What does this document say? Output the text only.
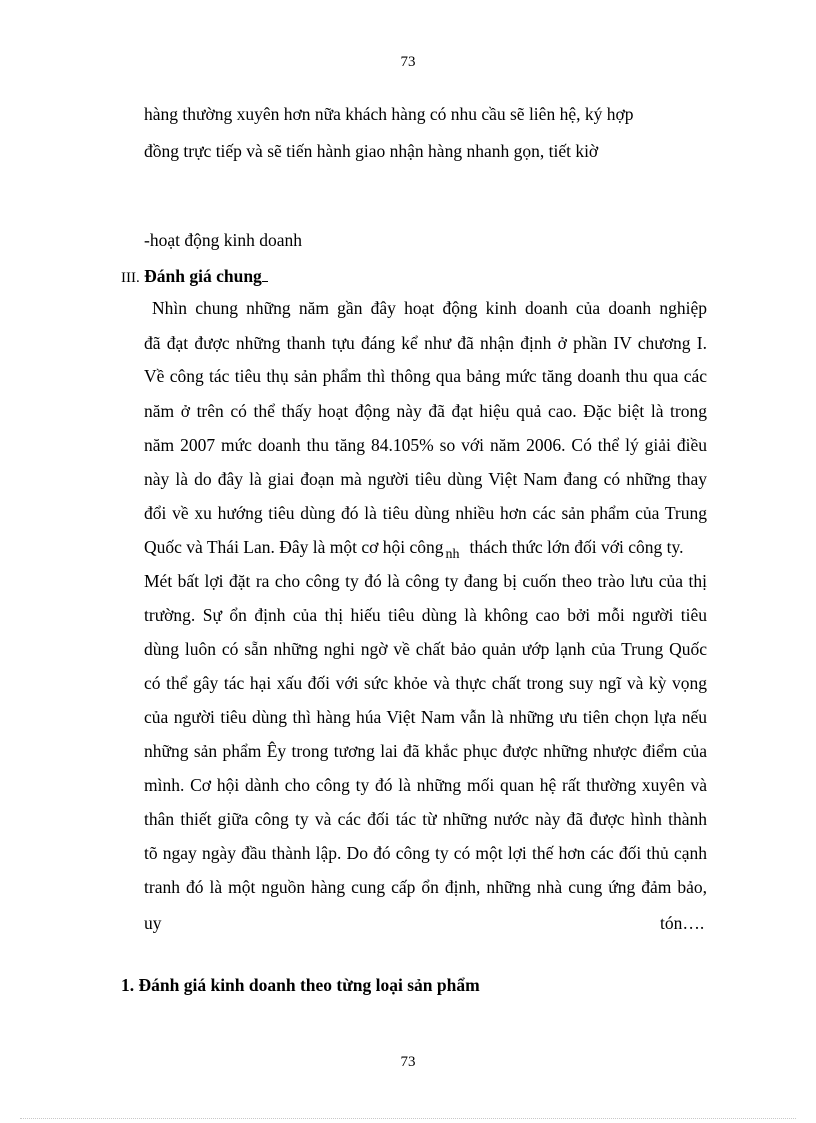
73
hàng thường xuyên hơn nữa khách hàng có nhu cầu sẽ liên hệ, ký hợp
đồng trực tiếp và sẽ tiến hành giao nhận hàng nhanh gọn, tiết kiờ
-hoạt động kinh doanh
III. Đánh giá chung
Nhìn chung những năm gần đây hoạt động kinh doanh của doanh nghiệp
đã đạt được những thanh tựu đáng kể như đã nhận định ở phần IV chương I.
Về công tác tiêu thụ sản phẩm thì thông qua bảng mức tăng doanh thu qua các
năm ở trên có thể thấy hoạt động này đã đạt hiệu quả cao. Đặc biệt là trong
năm 2007 mức doanh thu tăng 84.105% so với năm 2006. Có thể lý giải điều
này là do đây là giai đoạn mà người tiêu dùng Việt Nam đang có những thay
đổi về xu hướng tiêu dùng đó là tiêu dùng nhiều hơn các sản phẩm của Trung
Quốc và Thái Lan. Đây là một cơ hội công $_{nh}$ thách thức lớn đối với công ty.
Mét bất lợi đặt ra cho công ty đó là công ty đang bị cuốn theo trào lưu của thị
trường. Sự ổn định của thị hiếu tiêu dùng là không cao bởi mỗi người tiêu
dùng luôn có sẵn những nghi ngờ về chất bảo quản ướp lạnh của Trung Quốc
có thể gây tác hại xấu đối với sức khỏe và thực chất trong suy ngĩ và kỳ vọng
của người tiêu dùng thì hàng húa Việt Nam vẫn là những ưu tiên chọn lựa nếu
những sản phẩm Êy trong tương lai đã khắc phục được những nhược điểm của
mình. Cơ hội dành cho công ty đó là những mối quan hệ rất thường xuyên và
thân thiết giữa công ty và các đối tác từ những nước này đã được hình thành
tõ ngay ngày đầu thành lập. Do đó công ty có một lợi thế hơn các đối thủ cạnh
tranh đó là một nguồn hàng cung cấp ổn định, những nhà cung ứng đảm bảo,
uy	tón….
1. Đánh giá kinh doanh theo từng loại sản phẩm
73
